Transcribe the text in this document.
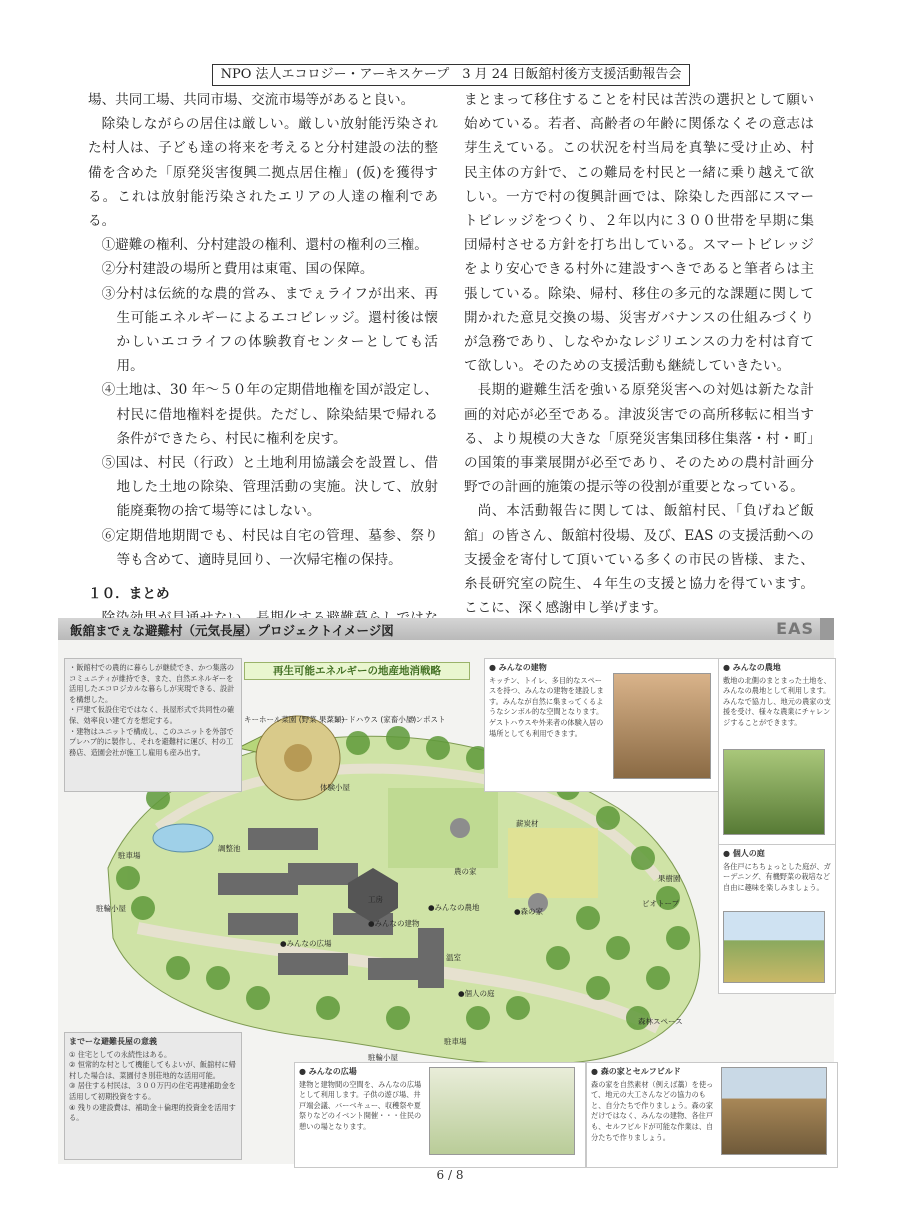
NPO 法人エコロジー・アーキスケープ　3 月 24 日飯舘村後方支援活動報告会

場、共同工場、共同市場、交流市場等があると良い。

除染しながらの居住は厳しい。厳しい放射能汚染された村人は、子ども達の将来を考えると分村建設の法的整備を含めた「原発災害復興二拠点居住権」(仮)を獲得する。これは放射能汚染されたエリアの人達の権利である。

①避難の権利、分村建設の権利、還村の権利の三権。

②分村建設の場所と費用は東電、国の保障。

③分村は伝統的な農的営み、までぇライフが出来、再生可能エネルギーによるエコビレッジ。還村後は懐かしいエコライフの体験教育センターとしても活用。

④土地は、30 年～５０年の定期借地権を国が設定し、村民に借地権料を提供。ただし、除染結果で帰れる条件ができたら、村民に権利を戻す。

⑤国は、村民（行政）と土地利用協議会を設置し、借地した土地の除染、管理活動の実施。決して、放射能廃棄物の捨て場等にはしない。

⑥定期借地期間でも、村民は自宅の管理、墓参、祭り等も含めて、適時見回り、一次帰宅権の保持。

１０．まとめ

まとまって移住することを村民は苦渋の選択として願い始めている。若者、高齢者の年齢に関係なくその意志は芽生えている。この状況を村当局を真摯に受け止め、村民主体の方針で、この難局を村民と一緒に乗り越えて欲しい。一方で村の復興計画では、除染した西部にスマートビレッジをつくり、２年以内に３００世帯を早期に集団帰村させる方針を打ち出している。スマートビレッジをより安心できる村外に建設すへきであると筆者らは主張している。除染、帰村、移住の多元的な課題に関して開かれた意見交換の場、災害ガバナンスの仕組みづくりが急務であり、しなやかなレジリエンスの力を村は育てて欲しい。そのための支援活動も継続していきたい。

長期的避難生活を強いる原発災害への対処は新たな計画的対応が必至である。津波災害での高所移転に相当する、より規模の大きな「原発災害集団移住集落・村・町」の国策的事業展開が必至であり、そのための農村計画分野での計画的施策の提示等の役割が重要となっている。

尚、本活動報告に関しては、飯舘村民、「負げねど飯舘」の皆さん、飯舘村役場、及び、EAS の支援活動への支援金を寄付して頂いている多くの市民の皆様、また、糸長研究室の院生、４年生の支援と協力を得ています。ここに、深く感謝申し挙げます。

飯舘までぇな避難村（元気長屋）プロジェクトイメージ図	EAS
再生可能エネルギーの地産地消戦略
キーホール菜園 (野菜 果菜類)
シェードハウス (家畜小屋)
コンポスト
調整池
体験小屋
駐車場
駐輪小屋
薪炭材
農の家
●みんなの農地	●森の家
果樹園
ビオトープ
工房
●みんなの建物
●みんなの広場
温室
●個人の庭
森林スペース
駐輪小屋
駐車場
・飯館村での農的に暮らしが継続でき、かつ集落のコミュニティが維持でき、また、自然エネルギーを活用したエコロジカルな暮らしが実現できる、設計を構想した。
・戸建て仮設住宅ではなく、長屋形式で共同性の確保、効率良い建て方を想定する。
・建物はユニットで構成し、このユニットを外部でプレハブ的に製作し、それを避難村に運び、村の工務店、造園会社が施工し雇用も産み出す。
● みんなの建物
キッチン、トイレ、多目的なスペースを持つ、みんなの建物を建設します。みんなが自然に集まってくるようなシンボル的な空間となります。ゲストハウスや外来者の体験入居の場所としても利用できます。
● みんなの農地
敷地の北側のまとまった土地を、みんなの農地として利用します。みんなで協力し、地元の農家の支援を受け、様々な農業にチャレンジすることができます。
● 個人の庭
各住戸にちちょっとした庭が、ガーデニング、有機野菜の栽培など自由に趣味を楽しみましょう。
までーな避難長屋の意義
① 住宅としての永続性はある。
② 恒常的な村として機能してもよいが、飯舘村に帰村した場合は、菜園付き別荘地的な活用可能。
③ 居住する村民は、３００万円の住宅再建補助金を活用して初期投資をする。
④ 残りの建設費は、補助金＋倫理的投資金を活用する。
● みんなの広場
建物と建物間の空間を、みんなの広場として利用します。子供の遊び場、井戸端会議、バーベキュー、収穫祭や夏祭りなどのイベント開催・・・住民の憩いの場となります。
● 森の家とセルフビルド
森の家を自然素材（例えば藁）を使って、地元の大工さんなどの協力のもと、自分たちで作りましょう。森の家だけではなく、みんなの建物、各住戸も、セルフビルドが可能な作業は、自分たちで作りましょう。
6 / 8
